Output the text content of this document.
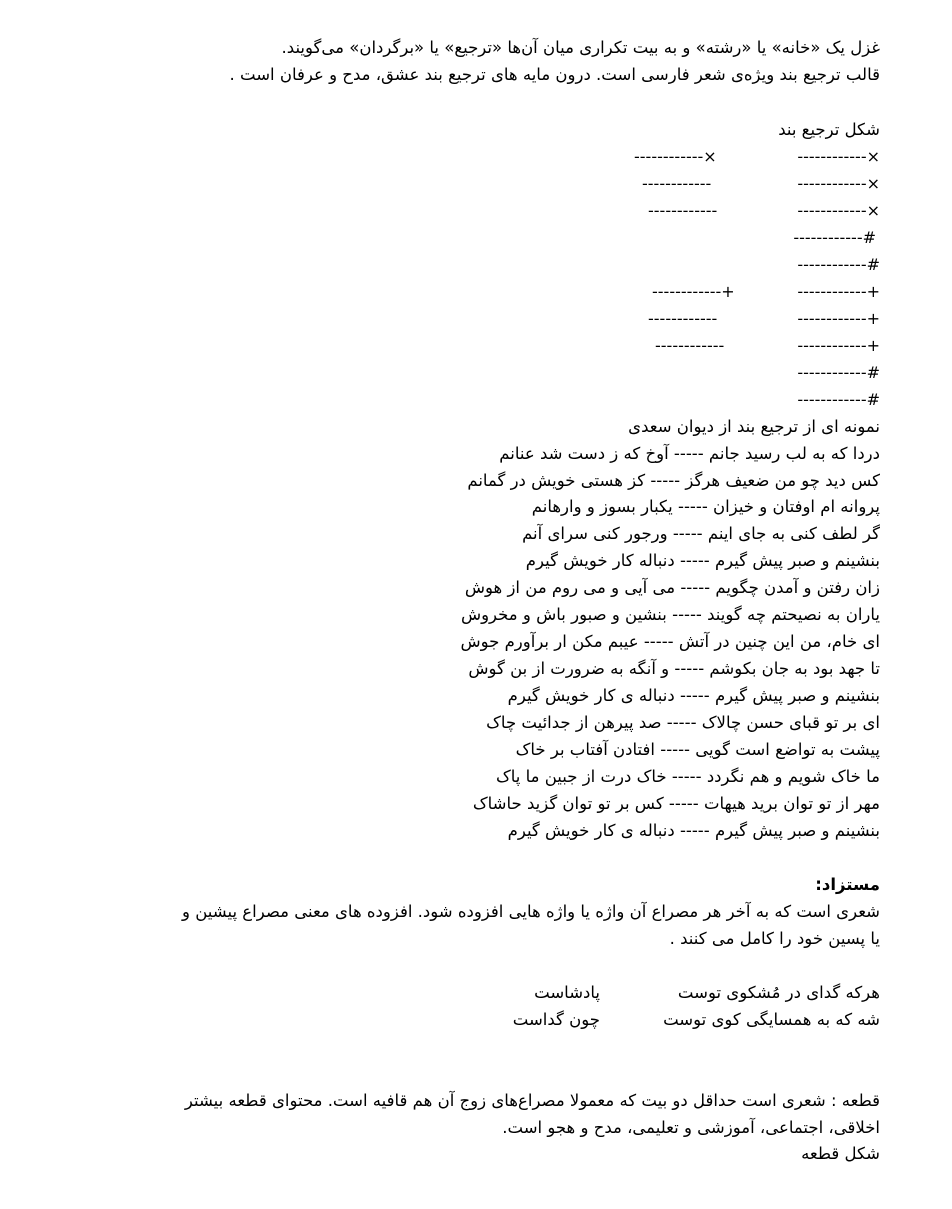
غزل یک «خانه» یا «رشته» و به بیت تکراری میان آن‌ها «ترجیع» یا «برگردان» می‌گویند.
قالب ترجیع بند ویژه‌ی شعر فارسی است. درون مایه های ترجیع بند عشق، مدح و عرفان است .
شکل ترجیع بند
------------×
------------×
------------×
------------
------------×
------------
------------#
------------#
------------+
------------+
------------+
------------
------------+
------------
------------#
------------#
نمونه ای از ترجیع بند از دیوان سعدی
دردا که به لب رسید جانم ----- آوخ که ز دست شد عنانم
کس دید چو من ضعیف هرگز ----- کز هستی خویش در گمانم
پروانه ام اوفتان و خیزان ----- یکبار بسوز و وارهانم
گر لطف کنی به جای اینم ----- ورجور کنی سرای آنم
بنشینم و صبر پیش گیرم ----- دنباله کار خویش گیرم
زان رفتن و آمدن چگویم ----- می آیی و می روم من از هوش
یاران به نصیحتم چه گویند ----- بنشین و صبور باش و مخروش
ای خام، من این چنین در آتش ----- عیبم مکن ار برآورم جوش
تا جهد بود به جان بکوشم ----- و آنگه به ضرورت از بن گوش
بنشینم و صبر پیش گیرم ----- دنباله ی کار خویش گیرم
ای بر تو قبای حسن چالاک ----- صد پیرهن از جدائیت چاک
پیشت به تواضع است گویی ----- افتادن آفتاب بر خاک
ما خاک شویم و هم نگردد ----- خاک درت از جبین ما پاک
مهر از تو توان برید هیهات ----- کس بر تو توان گزید حاشاک
بنشینم و صبر پیش گیرم ----- دنباله ی کار خویش گیرم
مستزاد:
شعری است که به آخر هر مصراع آن واژه یا واژه هایی افزوده شود. افزوده های معنی مصراع پیشین و
یا پسین خود را کامل می کنند .
هرکه گدای در مُشکوی توست
پادشاست
شه که به همسایگی کوی توست
چون گداست
قطعه : شعری است حداقل دو بیت که معمولا مصراع‌های زوج آن هم قافیه است. محتوای قطعه بیشتر
اخلاقی، اجتماعی، آموزشی و تعلیمی، مدح و هجو است.
شکل قطعه
